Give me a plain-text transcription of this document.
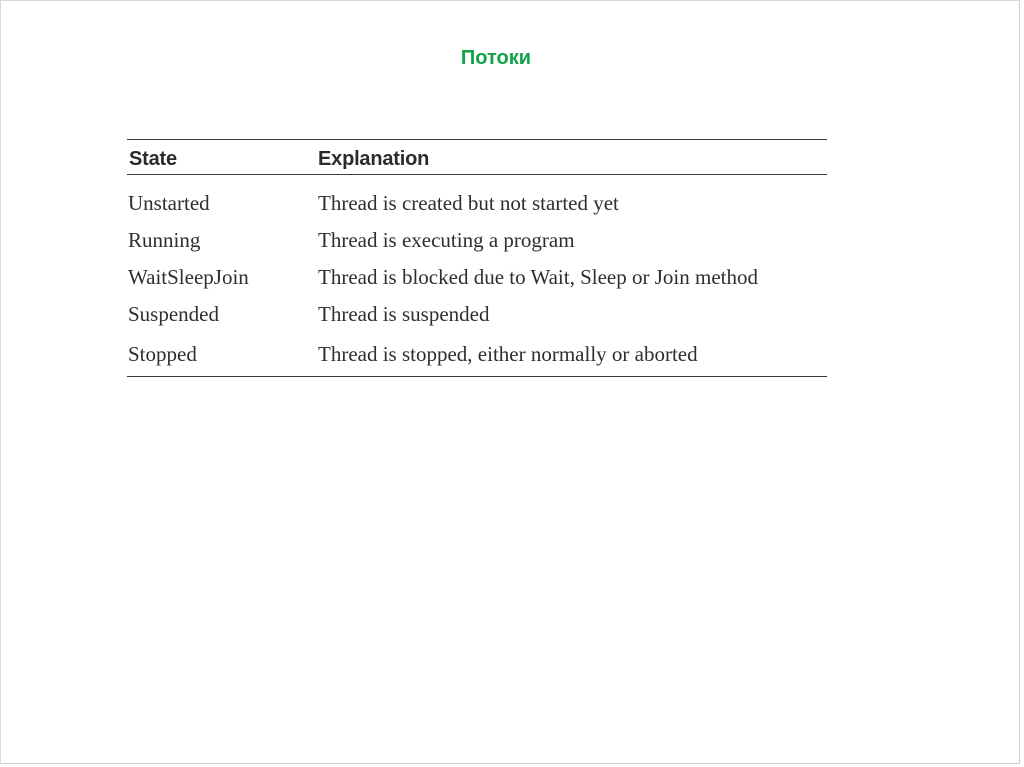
Потоки
State	Explanation
Unstarted	Thread is created but not started yet
Running	Thread is executing a program
WaitSleepJoin	Thread is blocked due to Wait, Sleep or Join method
Suspended	Thread is suspended
Stopped	Thread is stopped, either normally or aborted
